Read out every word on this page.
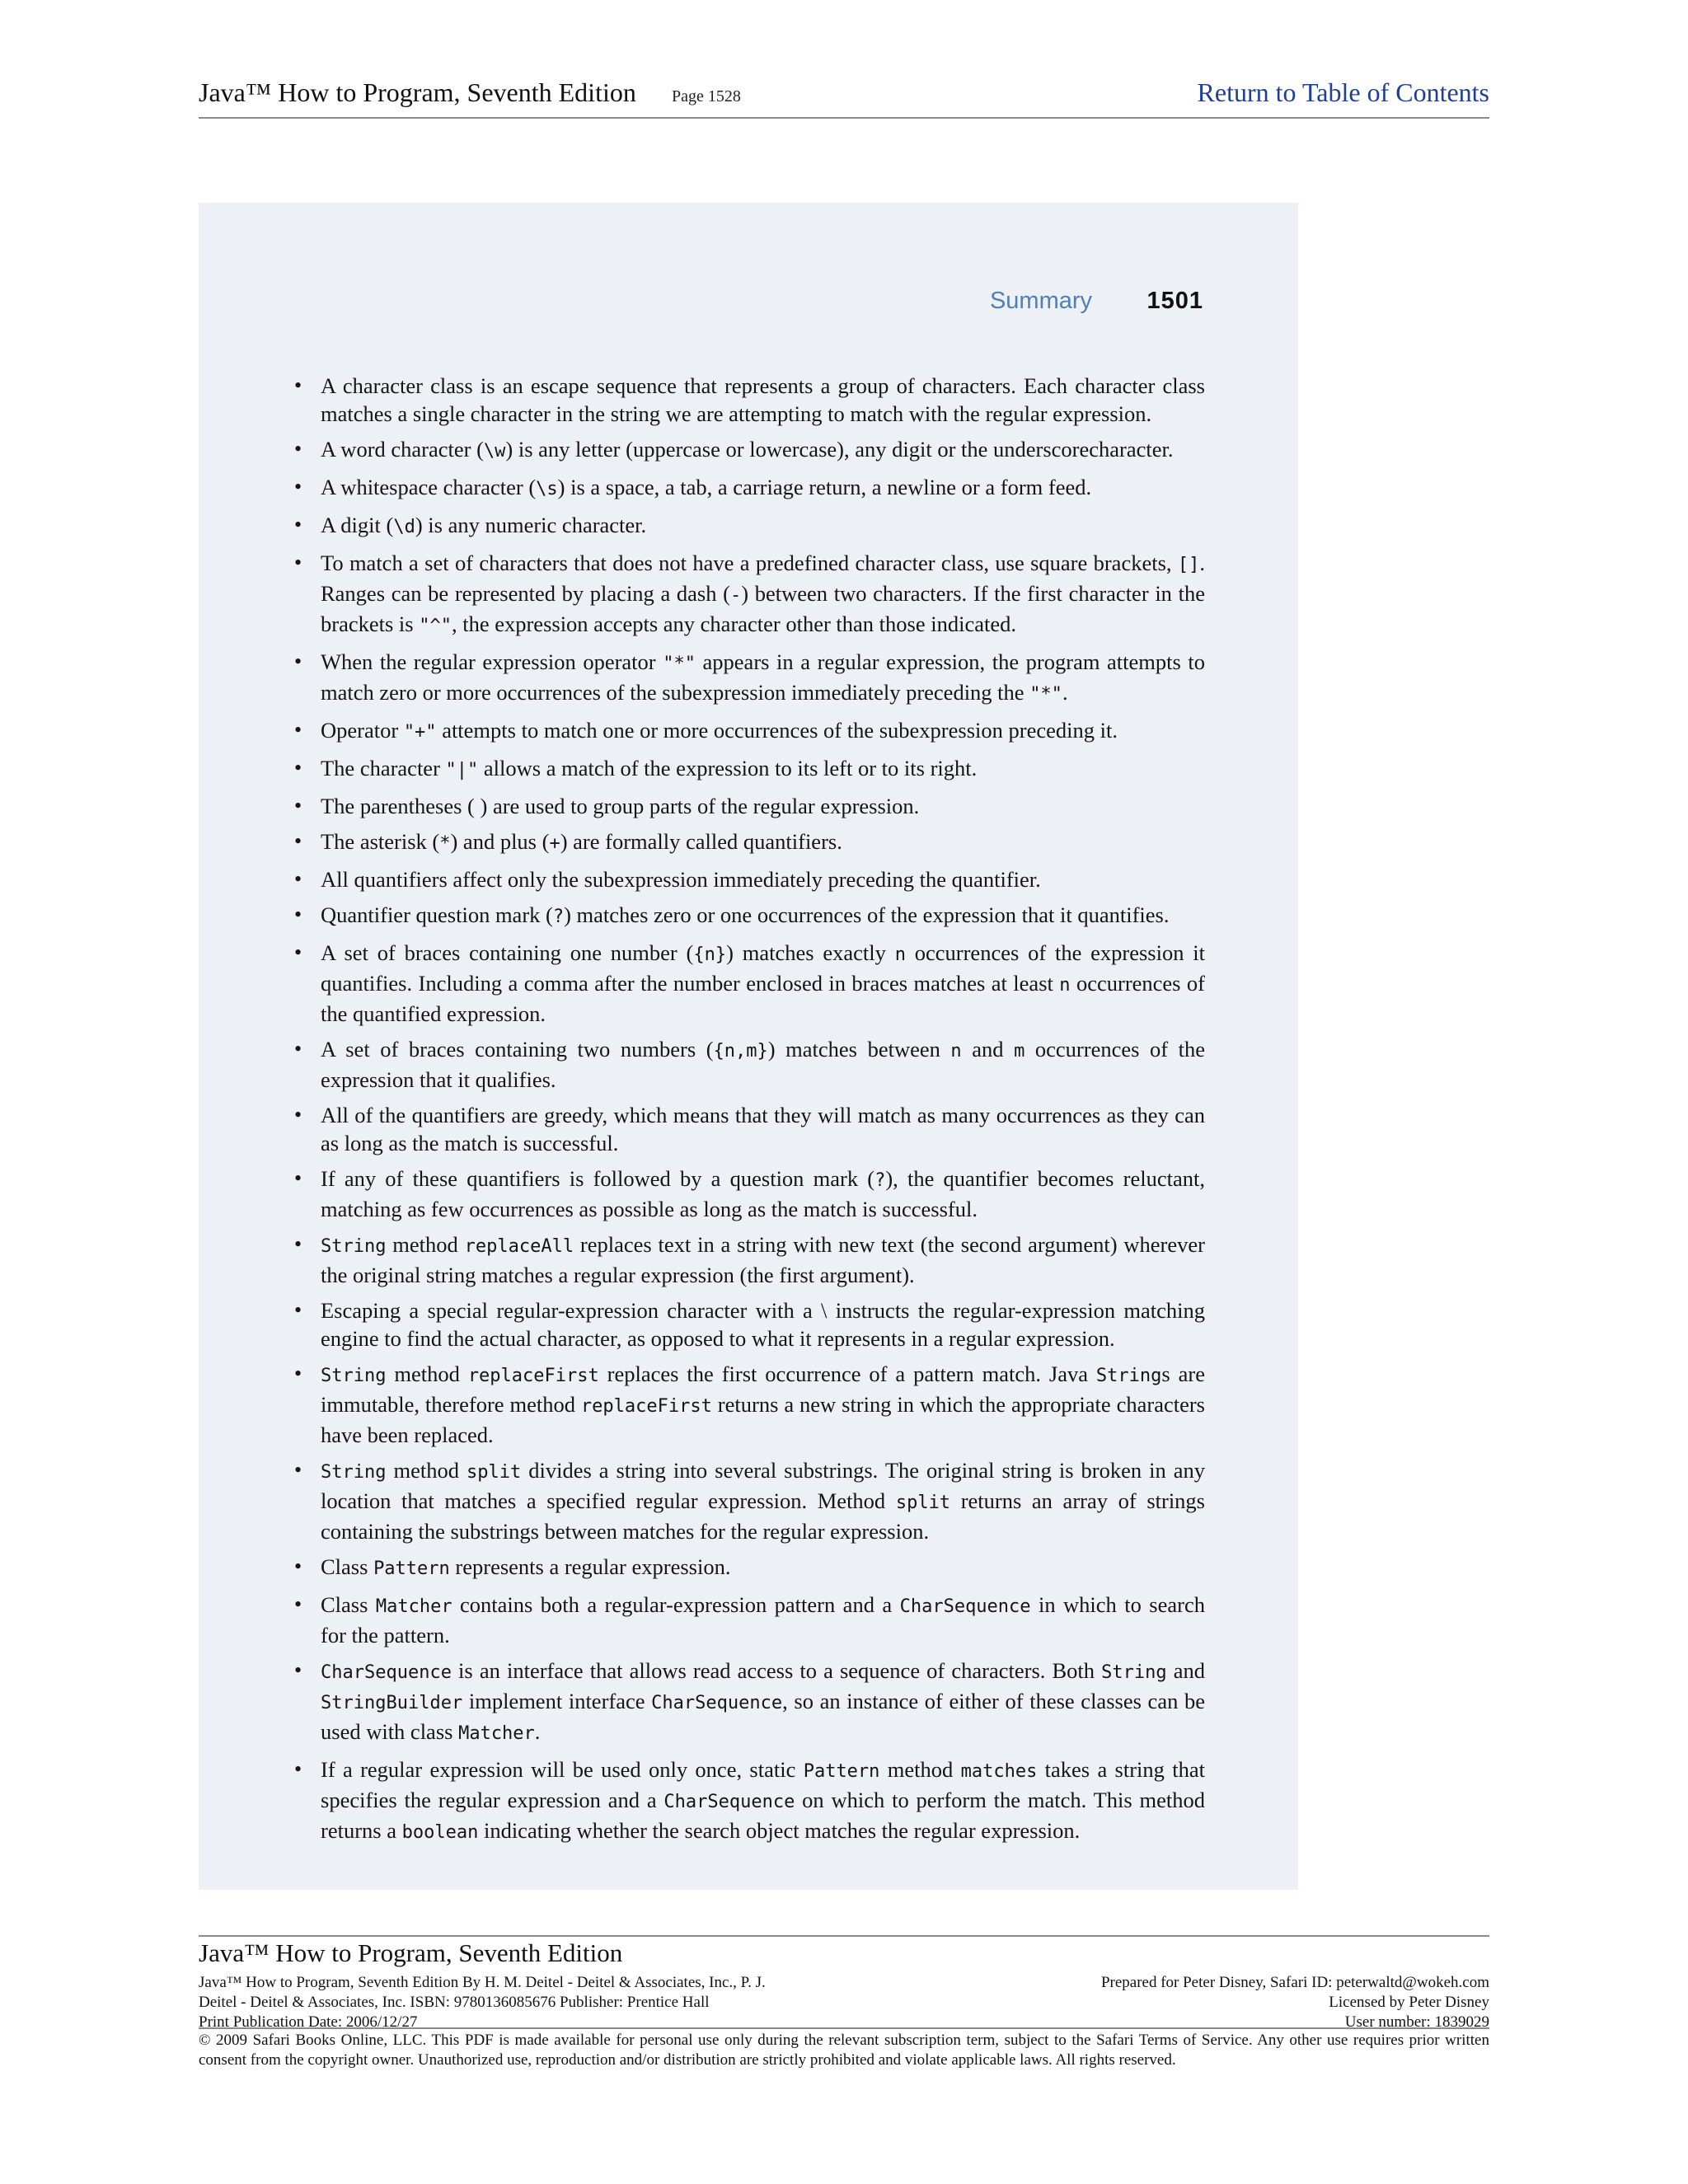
Java™ How to Program, Seventh Edition Page 1528	Return to Table of Contents
Summary 1501
• A character class is an escape sequence that represents a group of characters. Each character class matches a single character in the string we are attempting to match with the regular expression.
• A word character (\w) is any letter (uppercase or lowercase), any digit or the underscorecharacter.
• A whitespace character (\s) is a space, a tab, a carriage return, a newline or a form feed.
• A digit (\d) is any numeric character.
• To match a set of characters that does not have a predefined character class, use square brackets, []. Ranges can be represented by placing a dash (-) between two characters. If the first character in the brackets is "^", the expression accepts any character other than those indicated.
• When the regular expression operator "*" appears in a regular expression, the program attempts to match zero or more occurrences of the subexpression immediately preceding the "*".
• Operator "+" attempts to match one or more occurrences of the subexpression preceding it.
• The character "|" allows a match of the expression to its left or to its right.
• The parentheses ( ) are used to group parts of the regular expression.
• The asterisk (*) and plus (+) are formally called quantifiers.
• All quantifiers affect only the subexpression immediately preceding the quantifier.
• Quantifier question mark (?) matches zero or one occurrences of the expression that it quantifies.
• A set of braces containing one number ({n}) matches exactly n occurrences of the expression it quantifies. Including a comma after the number enclosed in braces matches at least n occurrences of the quantified expression.
• A set of braces containing two numbers ({n,m}) matches between n and m occurrences of the expression that it qualifies.
• All of the quantifiers are greedy, which means that they will match as many occurrences as they can as long as the match is successful.
• If any of these quantifiers is followed by a question mark (?), the quantifier becomes reluctant, matching as few occurrences as possible as long as the match is successful.
• String method replaceAll replaces text in a string with new text (the second argument) wherever the original string matches a regular expression (the first argument).
• Escaping a special regular-expression character with a \ instructs the regular-expression matching engine to find the actual character, as opposed to what it represents in a regular expression.
• String method replaceFirst replaces the first occurrence of a pattern match. Java Strings are immutable, therefore method replaceFirst returns a new string in which the appropriate characters have been replaced.
• String method split divides a string into several substrings. The original string is broken in any location that matches a specified regular expression. Method split returns an array of strings containing the substrings between matches for the regular expression.
• Class Pattern represents a regular expression.
• Class Matcher contains both a regular-expression pattern and a CharSequence in which to search for the pattern.
• CharSequence is an interface that allows read access to a sequence of characters. Both String and StringBuilder implement interface CharSequence, so an instance of either of these classes can be used with class Matcher.
• If a regular expression will be used only once, static Pattern method matches takes a string that specifies the regular expression and a CharSequence on which to perform the match. This method returns a boolean indicating whether the search object matches the regular expression.
Java™ How to Program, Seventh Edition
Java™ How to Program, Seventh Edition By H. M. Deitel - Deitel & Associates, Inc., P. J.
Deitel - Deitel & Associates, Inc. ISBN: 9780136085676 Publisher: Prentice Hall
Print Publication Date: 2006/12/27
Prepared for Peter Disney, Safari ID: peterwaltd@wokeh.com
Licensed by Peter Disney
User number: 1839029
© 2009 Safari Books Online, LLC. This PDF is made available for personal use only during the relevant subscription term, subject to the Safari Terms of Service. Any other use requires prior written consent from the copyright owner. Unauthorized use, reproduction and/or distribution are strictly prohibited and violate applicable laws. All rights reserved.
